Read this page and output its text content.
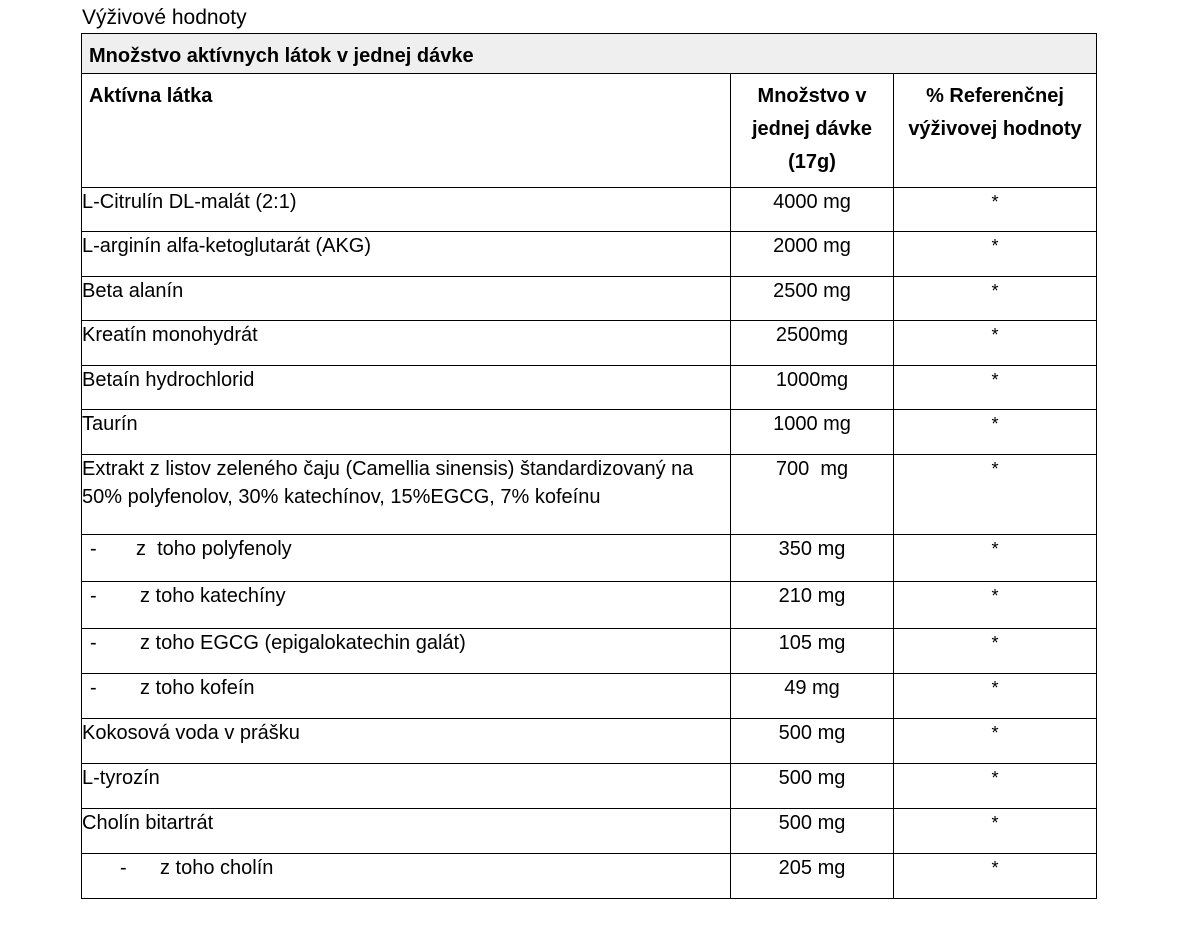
Výživové hodnoty
Množstvo aktívnych látok v jednej dávke		
Aktívna látka	Množstvo v jednej dávke (17g)	% Referenčnej výživovej hodnoty
L-Citrulín DL-malát (2:1)	4000 mg	*
L-arginín alfa-ketoglutarát (AKG)	2000 mg	*
Beta alanín	2500 mg	*
Kreatín monohydrát	2500mg	*
Betaín hydrochlorid	1000mg	*
Taurín	1000 mg	*
Extrakt z listov zeleného čaju (Camellia sinensis) štandardizovaný na 50% polyfenolov, 30% katechínov, 15%EGCG, 7% kofeínu	700  mg	*
- z  toho polyfenoly	350 mg	*
- z toho katechíny	210 mg	*
- z toho EGCG (epigalokatechin galát)	105 mg	*
- z toho kofeín	49 mg	*
Kokosová voda v prášku	500 mg	*
L-tyrozín	500 mg	*
Cholín bitartrát	500 mg	*
- z toho cholín	205 mg	*
